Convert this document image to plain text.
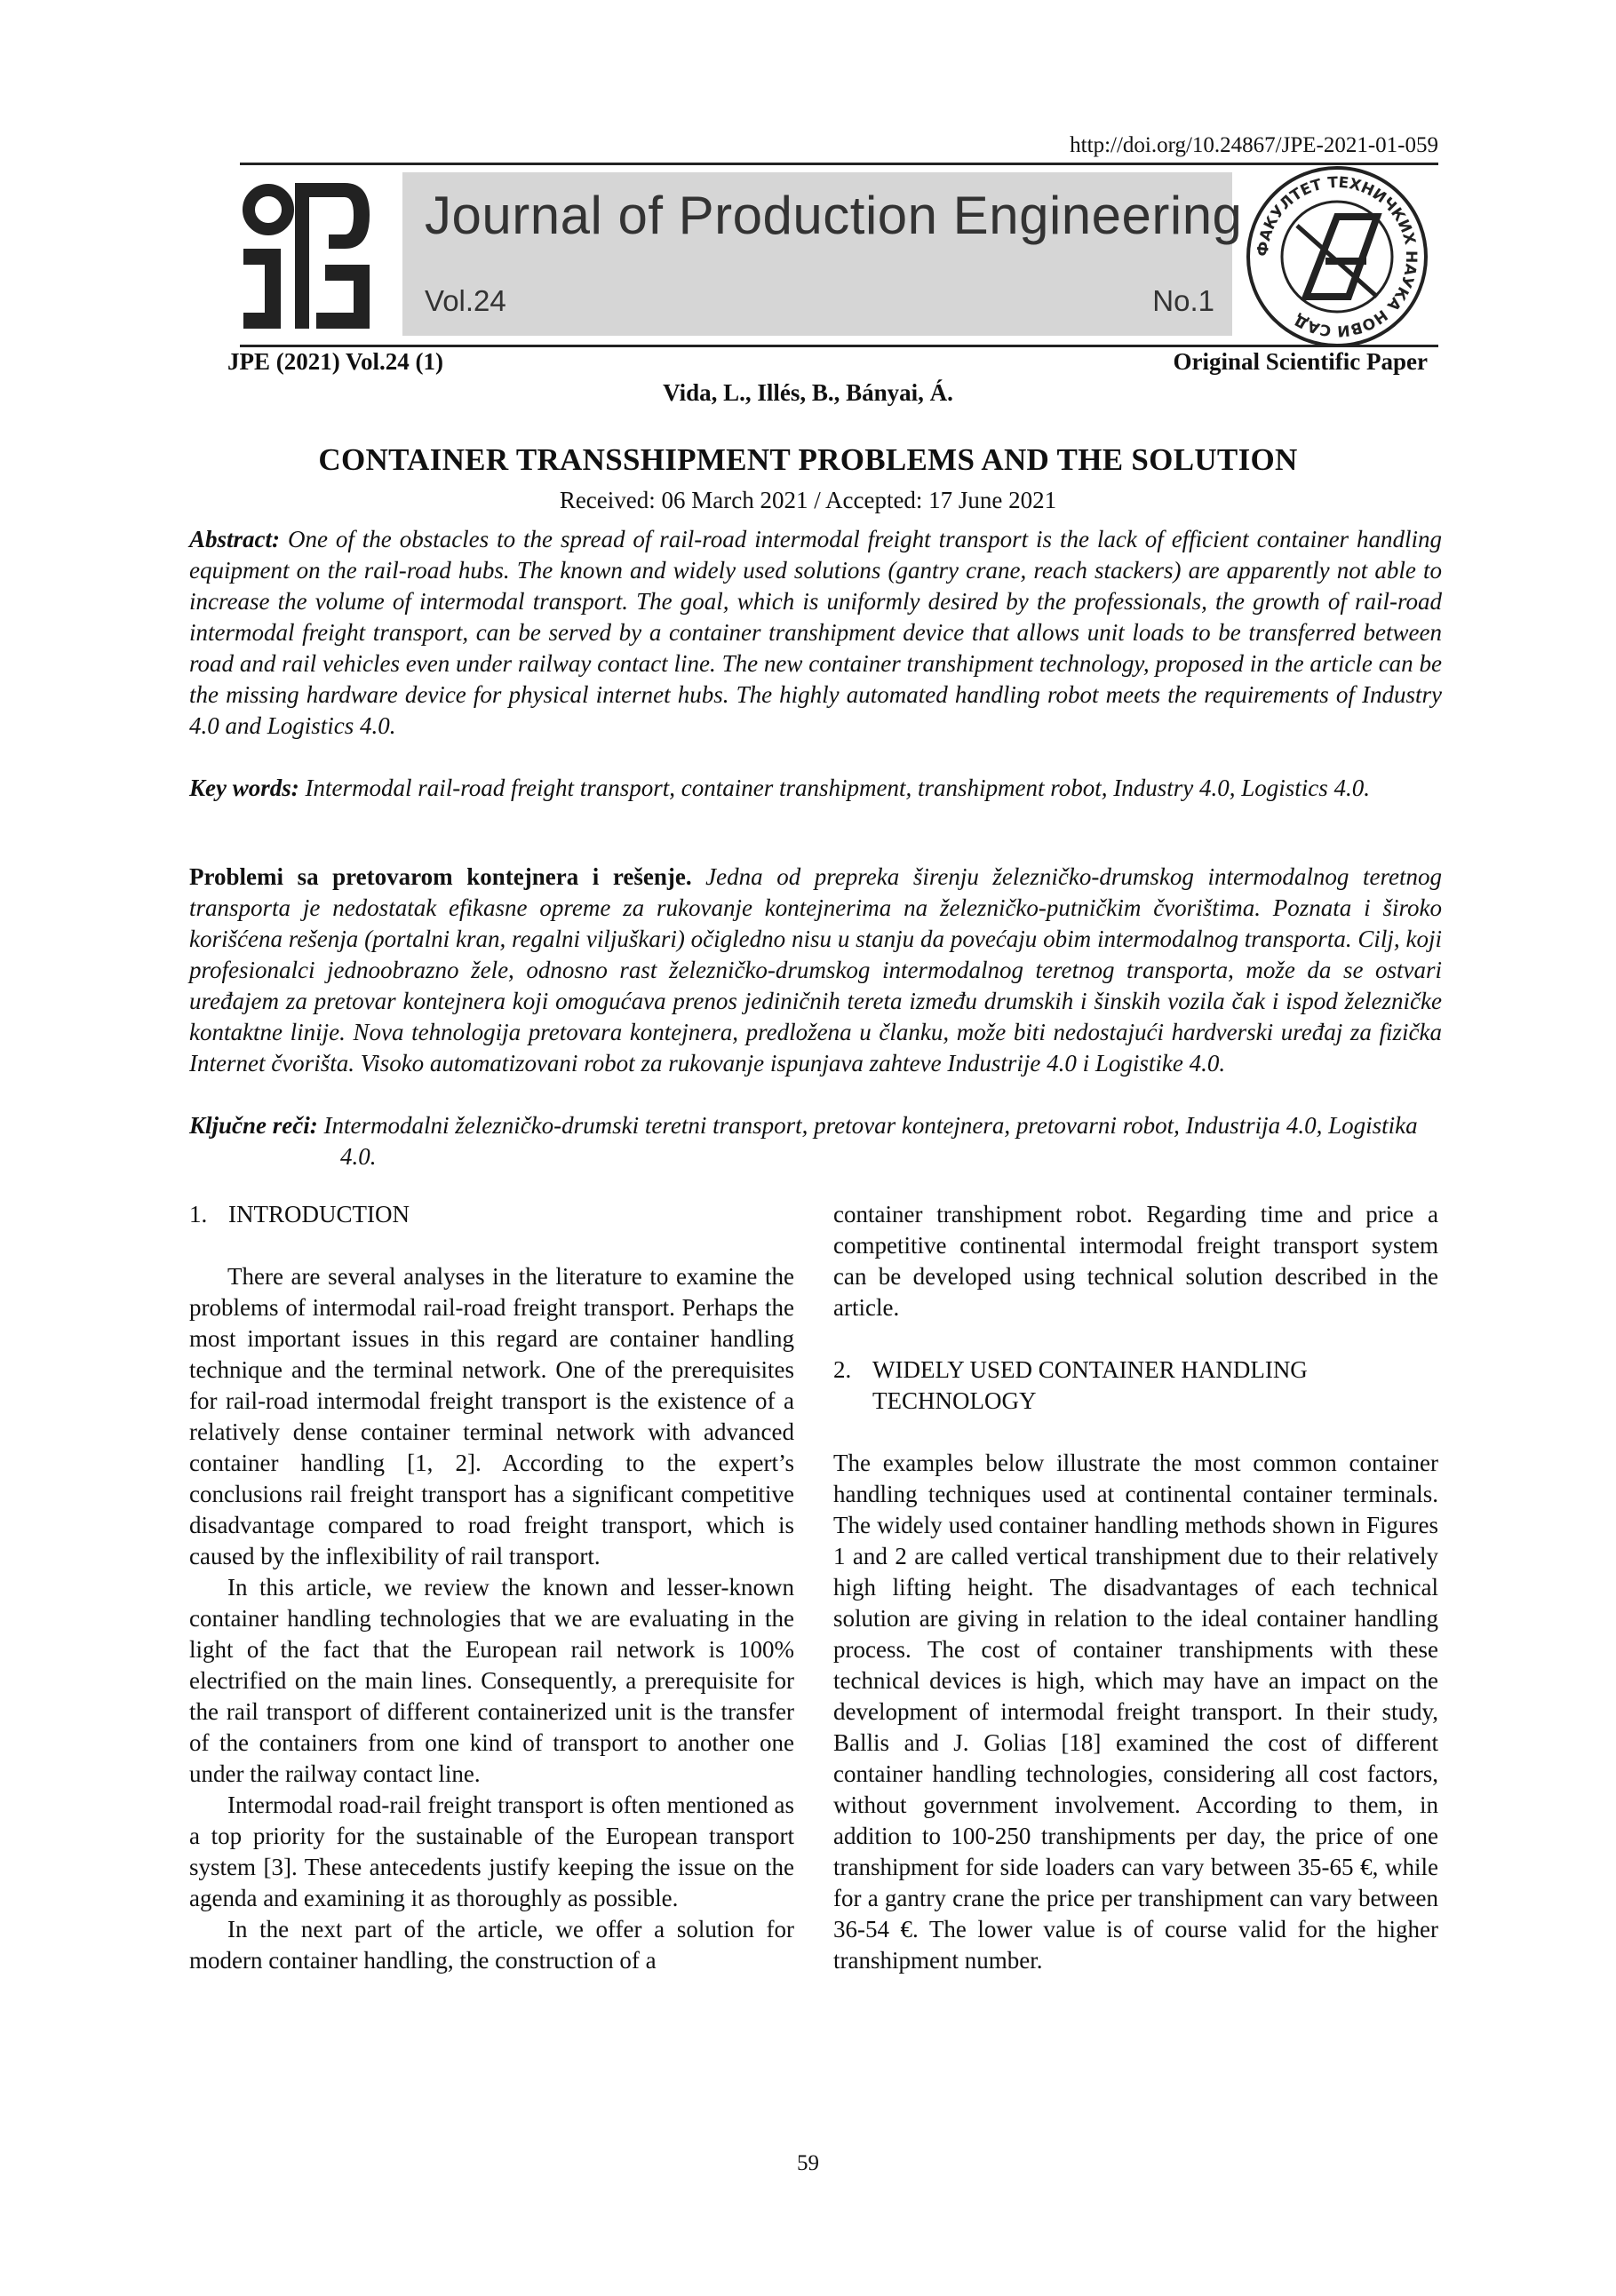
http://doi.org/10.24867/JPE-2021-01-059
Journal of Production Engineering
Vol.24	No.1
ФАКУЛТЕТ ТЕХНИЧКИХ НАУКА НОВИ САД
JPE (2021) Vol.24 (1)	Original Scientific Paper
Vida, L., Illés, B., Bányai, Á.
CONTAINER TRANSSHIPMENT PROBLEMS AND THE SOLUTION
Received: 06 March 2021 / Accepted: 17 June 2021
Abstract: One of the obstacles to the spread of rail-road intermodal freight transport is the lack of efficient container handling equipment on the rail-road hubs. The known and widely used solutions (gantry crane, reach stackers) are apparently not able to increase the volume of intermodal transport. The goal, which is uniformly desired by the professionals, the growth of rail-road intermodal freight transport, can be served by a container transhipment device that allows unit loads to be transferred between road and rail vehicles even under railway contact line. The new container transhipment technology, proposed in the article can be the missing hardware device for physical internet hubs. The highly automated handling robot meets the requirements of Industry 4.0 and Logistics 4.0.
Key words: Intermodal rail-road freight transport, container transhipment, transhipment robot, Industry 4.0, Logistics 4.0.
Problemi sa pretovarom kontejnera i rešenje. Jedna od prepreka širenju železničko-drumskog intermodalnog teretnog transporta je nedostatak efikasne opreme za rukovanje kontejnerima na železničko-putničkim čvorištima. Poznata i široko korišćena rešenja (portalni kran, regalni viljuškari) očigledno nisu u stanju da povećaju obim intermodalnog transporta. Cilj, koji profesionalci jednoobrazno žele, odnosno rast železničko-drumskog intermodalnog teretnog transporta, može da se ostvari uređajem za pretovar kontejnera koji omogućava prenos jediničnih tereta između drumskih i šinskih vozila čak i ispod železničke kontaktne linije. Nova tehnologija pretovara kontejnera, predložena u članku, može biti nedostajući hardverski uređaj za fizička Internet čvorišta. Visoko automatizovani robot za rukovanje ispunjava zahteve Industrije 4.0 i Logistike 4.0.
Ključne reči: Intermodalni železničko-drumski teretni transport, pretovar kontejnera, pretovarni robot, Industrija 4.0, Logistika 4.0.
1. INTRODUCTION

There are several analyses in the literature to examine the problems of intermodal rail-road freight transport. Perhaps the most important issues in this regard are container handling technique and the terminal network. One of the prerequisites for rail-road intermodal freight transport is the existence of a relatively dense container terminal network with advanced container handling [1, 2]. According to the expert’s conclusions rail freight transport has a significant competitive disadvantage compared to road freight transport, which is caused by the inflexibility of rail transport.

In this article, we review the known and lesser-known container handling technologies that we are evaluating in the light of the fact that the European rail network is 100% electrified on the main lines. Consequently, a prerequisite for the rail transport of different containerized unit is the transfer of the containers from one kind of transport to another one under the railway contact line.

Intermodal road-rail freight transport is often mentioned as a top priority for the sustainable of the European transport system [3]. These antecedents justify keeping the issue on the agenda and examining it as thoroughly as possible.

In the next part of the article, we offer a solution for modern container handling, the construction of a

container transhipment robot. Regarding time and price a competitive continental intermodal freight transport system can be developed using technical solution described in the article.

2. WIDELY USED CONTAINER HANDLING TECHNOLOGY

The examples below illustrate the most common container handling techniques used at continental container terminals. The widely used container handling methods shown in Figures 1 and 2 are called vertical transhipment due to their relatively high lifting height. The disadvantages of each technical solution are giving in relation to the ideal container handling process. The cost of container transhipments with these technical devices is high, which may have an impact on the development of intermodal freight transport. In their study, Ballis and J. Golias [18] examined the cost of different container handling technologies, considering all cost factors, without government involvement. According to them, in addition to 100-250 transhipments per day, the price of one transhipment for side loaders can vary between 35-65 €, while for a gantry crane the price per transhipment can vary between 36-54 €. The lower value is of course valid for the higher transhipment number.

59
